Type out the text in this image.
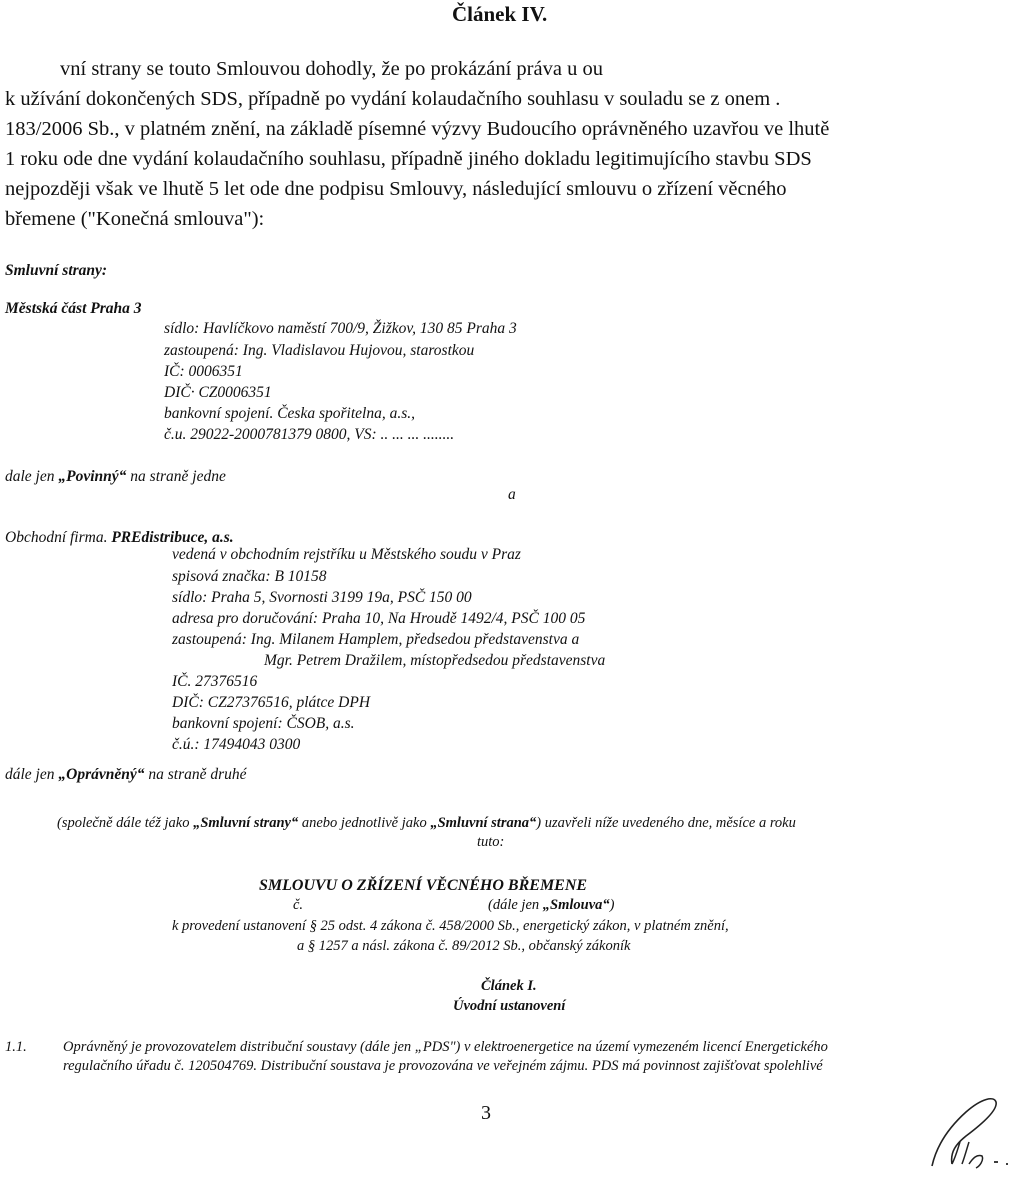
Článek IV.
vní strany se touto Smlouvou dohodly, že po prokázání práva u ou
k užívání dokončených SDS, případně po vydání kolaudačního souhlasu v souladu se z onem .
183/2006 Sb., v platném znění, na základě písemné výzvy Budoucího oprávněného uzavřou ve lhutě
1 roku ode dne vydání kolaudačního souhlasu, případně jiného dokladu legitimujícího stavbu SDS
nejpozději však ve lhutě 5 let ode dne podpisu Smlouvy, následující smlouvu o zřízení věcného
břemene ("Konečná smlouva"):
Smluvní strany:
Městská část Praha 3
sídlo: Havlíčkovo naměstí 700/9, Žižkov, 130 85 Praha 3
zastoupená: Ing. Vladislavou Hujovou, starostkou
IČ: 0006351
DIČ· CZ0006351
bankovní spojení. Česka spořitelna, a.s.,
č.u. 29022-2000781379 0800, VS: .. ... ... ........
dale jen „Povinný“ na straně jedne
a
Obchodní firma. PREdistribuce, a.s.
vedená v obchodním rejstříku u Městského soudu v Praz
spisová značka: B 10158
sídlo: Praha 5, Svornosti 3199 19a, PSČ 150 00
adresa pro doručování: Praha 10, Na Hroudě 1492/4, PSČ 100 05
zastoupená: Ing. Milanem Hamplem, předsedou představenstva a
Mgr. Petrem Dražilem, místopředsedou představenstva
IČ. 27376516
DIČ: CZ27376516, plátce DPH
bankovní spojení: ČSOB, a.s.
č.ú.: 17494043 0300
dále jen „Oprávněný“ na straně druhé
(společně dále též jako „Smluvní strany“ anebo jednotlivě jako „Smluvní strana“) uzavřeli níže uvedeného dne, měsíce a roku
tuto:
SMLOUVU O ZŘÍZENÍ VĚCNÉHO BŘEMENE
č.	(dále jen „Smlouva“)
k provedení ustanovení § 25 odst. 4 zákona č. 458/2000 Sb., energetický zákon, v platném znění,
a § 1257 a násl. zákona č. 89/2012 Sb., občanský zákoník
Článek I.
Úvodní ustanovení
1.1.	Oprávněný je provozovatelem distribuční soustavy (dále jen „PDS") v elektroenergetice na území vymezeném licencí Energetického
regulačního úřadu č. 120504769. Distribuční soustava je provozována ve veřejném zájmu. PDS má povinnost zajišťovat spolehlivé
3
